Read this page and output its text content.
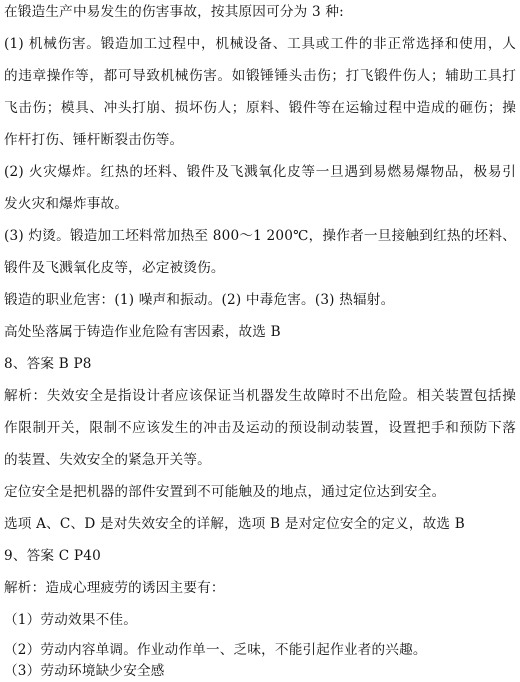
在锻造生产中易发生的伤害事故，按其原因可分为 3 种:
(1) 机械伤害。锻造加工过程中，机械设备、工具或工件的非正常选择和使用，人
的违章操作等，都可导致机械伤害。如锻锤锤头击伤；打飞锻件伤人；辅助工具打
飞击伤；模具、冲头打崩、损坏伤人；原料、锻件等在运输过程中造成的砸伤；操
作杆打伤、锤杆断裂击伤等。
(2) 火灾爆炸。红热的坯料、锻件及飞溅氧化皮等一旦遇到易燃易爆物品，极易引
发火灾和爆炸事故。
(3) 灼烫。锻造加工坯料常加热至 800～1 200℃，操作者一旦接触到红热的坯料、
锻件及飞溅氧化皮等，必定被烫伤。
锻造的职业危害：(1) 噪声和振动。(2) 中毒危害。(3) 热辐射。
高处坠落属于铸造作业危险有害因素，故选 B
8、答案 B P8
解析：失效安全是指设计者应该保证当机器发生故障时不出危险。相关装置包括操
作限制开关，限制不应该发生的冲击及运动的预设制动装置，设置把手和预防下落
的装置、失效安全的紧急开关等。
定位安全是把机器的部件安置到不可能触及的地点，通过定位达到安全。
选项 A、C、D 是对失效安全的详解，选项 B 是对定位安全的定义，故选 B
9、答案 C P40
解析：造成心理疲劳的诱因主要有：
（1）劳动效果不佳。
（2）劳动内容单调。作业动作单一、乏味，不能引起作业者的兴趣。
（3）劳动环境缺少安全感
